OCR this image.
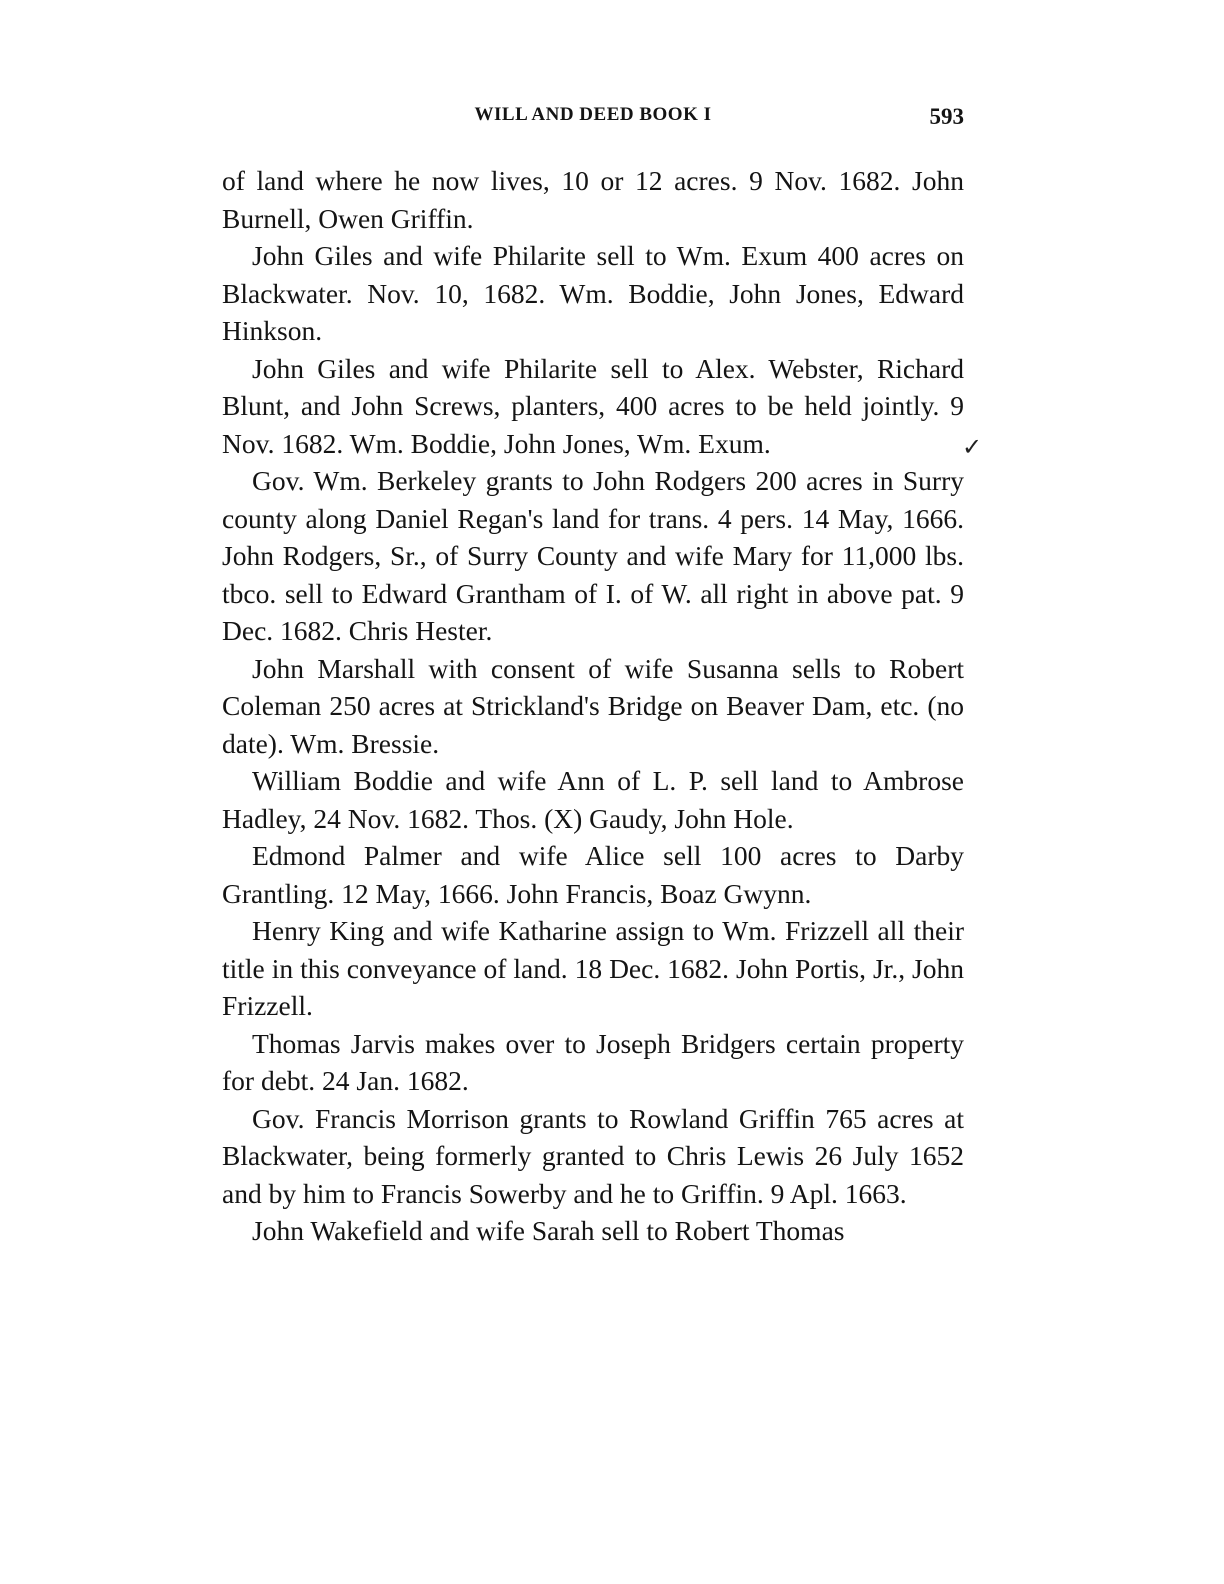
WILL AND DEED BOOK I	593

of land where he now lives, 10 or 12 acres. 9 Nov. 1682. John Burnell, Owen Griffin.

John Giles and wife Philarite sell to Wm. Exum 400 acres on Blackwater. Nov. 10, 1682. Wm. Boddie, John Jones, Edward Hinkson.

John Giles and wife Philarite sell to Alex. Webster, Richard Blunt, and John Screws, planters, 400 acres to be held jointly. 9 Nov. 1682. Wm. Boddie, John Jones, Wm. Exum.

Gov. Wm. Berkeley grants to John Rodgers 200 acres in Surry county along Daniel Regan's land for trans. 4 pers. 14 May, 1666. John Rodgers, Sr., of Surry County and wife Mary for 11,000 lbs. tbco. sell to Edward Grantham of I. of W. all right in above pat. 9 Dec. 1682. Chris Hester.

John Marshall with consent of wife Susanna sells to Robert Coleman 250 acres at Strickland's Bridge on Beaver Dam, etc. (no date). Wm. Bressie.

William Boddie and wife Ann of L. P. sell land to Ambrose Hadley, 24 Nov. 1682. Thos. (X) Gaudy, John Hole.

Edmond Palmer and wife Alice sell 100 acres to Darby Grantling. 12 May, 1666. John Francis, Boaz Gwynn.

Henry King and wife Katharine assign to Wm. Frizzell all their title in this conveyance of land. 18 Dec. 1682. John Portis, Jr., John Frizzell.

Thomas Jarvis makes over to Joseph Bridgers certain property for debt. 24 Jan. 1682.

Gov. Francis Morrison grants to Rowland Griffin 765 acres at Blackwater, being formerly granted to Chris Lewis 26 July 1652 and by him to Francis Sowerby and he to Griffin. 9 Apl. 1663.

John Wakefield and wife Sarah sell to Robert Thomas

✓
